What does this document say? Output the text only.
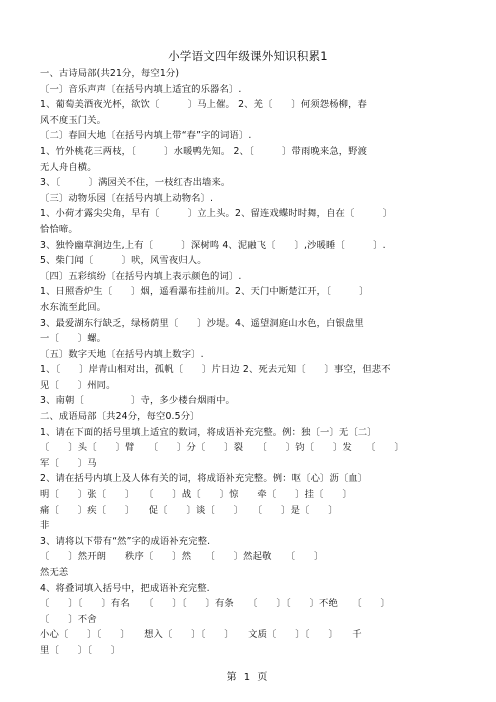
小学语文四年级课外知识积累1
一、古诗局部(共21分，每空1分)
〔一〕音乐声声〔在括号内填上适宜的乐器名〕.
1、葡萄美酒夜光杯，欲饮〔　　　〕马上催。 2、羌〔　　〕何须怨杨柳，春
风不度玉门关。
〔二〕春回大地〔在括号内填上带“春”字的词语〕.
1、竹外桃花三两枝，〔　　　〕水暖鸭先知。 2、〔　　　〕带雨晚来急，野渡
无人舟自横。
3、〔　　　〕满园关不住，一枝红杏出墙来。
〔三〕动物乐园〔在括号内填上动物名〕.
1、小荷才露尖尖角，早有〔　　　〕立上头。2、留连戏蝶时时舞，自在〔　　　〕
恰恰啼。
3、独怜幽草涧边生,上有〔　　　〕深树鸣 4、泥融飞〔　　〕,沙暖睡〔　　　〕.
5、柴门闻〔　　　〕吠，风雪夜归人。
〔四〕五彩缤纷〔在括号内填上表示颜色的词〕.
1、日照香炉生〔　　〕烟，遥看瀑布挂前川。2、天门中断楚江开，〔　　　〕
水东流至此回。
3、最爱湖东行缺乏，绿杨荫里〔　　〕沙堤。4、遥望洞庭山水色，白银盘里
一〔　　〕螺。
〔五〕数字天地〔在括号内填上数字〕.
1、〔　　〕岸青山相对出，孤帆〔　　〕片日边 2、死去元知〔　　〕事空，但悲不
见〔　　〕州同。
3、南朝〔　　　　　〕寺，多少楼台烟雨中。
二、成语局部〔共24分，每空0.5分〕
1、请在下面的括号里填上适宜的数词，将成语补充完整。例：独〔一〕无〔二〕
〔　　〕头〔　　〕臂　　〔　　〕分〔　　〕裂　　〔　　〕钧〔　　〕发　　〔　　〕
军〔　　〕马
2、请在括号内填上及人体有关的词，将成语补充完整。例：呕〔心〕沥〔血〕
明〔　　〕张〔　　〕　　〔　　〕战〔　　〕惊　　牵〔　　〕挂〔　　〕
痛〔　　〕疾〔　　〕　　促〔　　〕谈〔　　〕　　〔　　〕是〔　　〕
非
3、请将以下带有“然”字的成语补充完整.
〔　　〕然开朗　　秩序〔　　〕然　　〔　　〕然起敬　　〔　　〕
然无恙
4、将叠词填入括号中，把成语补充完整.
〔　　〕〔　　〕有名　　〔　　〕〔　　〕有条　　〔　　〕〔　　〕不绝　　〔　　〕
〔　　〕不舍
小心〔　　〕〔　　〕　　想入〔　　〕〔　　〕　　文质〔　　〕〔　　〕　　千
里〔　　〕〔　　〕
第 1 页
